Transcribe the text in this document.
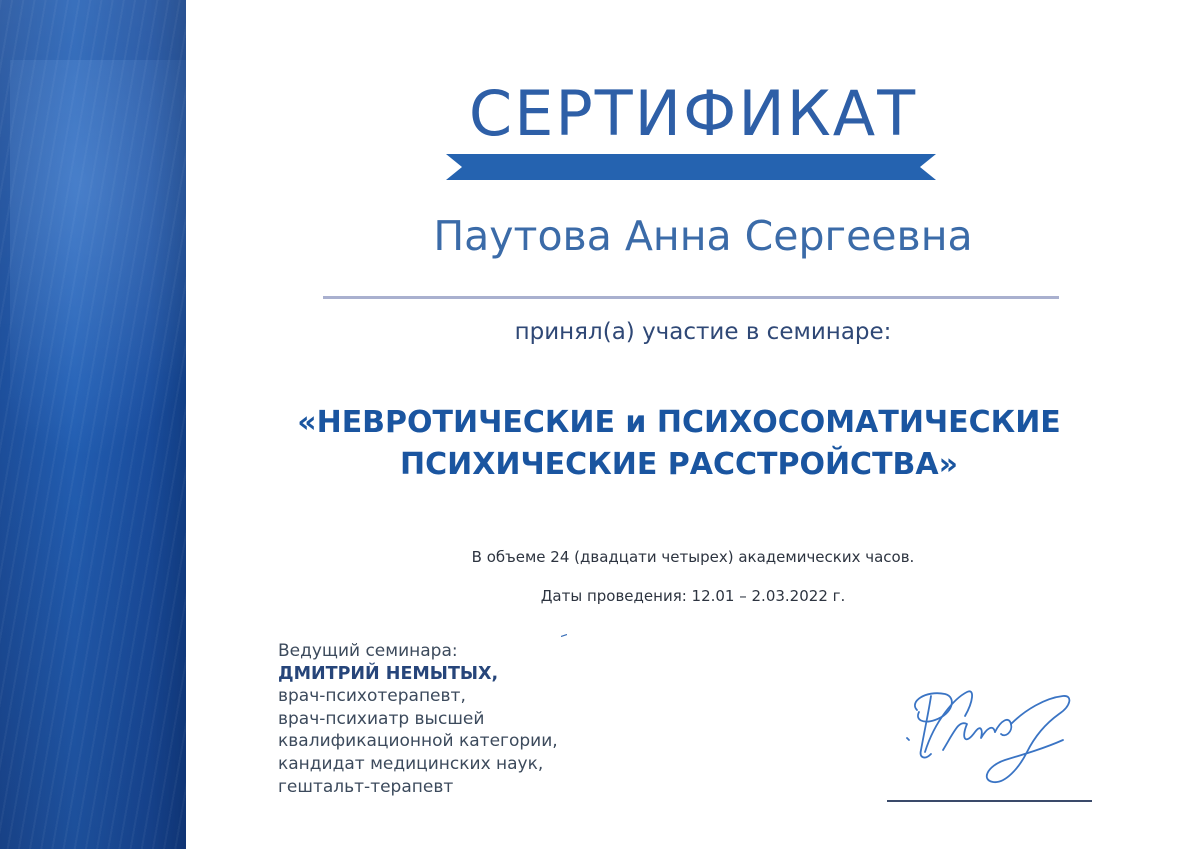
СЕРТИФИКАТ
Паутова Анна Сергеевна
принял(а) участие в семинаре:
«НЕВРОТИЧЕСКИЕ и ПСИХОСОМАТИЧЕСКИЕ
ПСИХИЧЕСКИЕ РАССТРОЙСТВА»
В объеме 24 (двадцати четырех) академических часов.
Даты проведения: 12.01 – 2.03.2022 г.
Ведущий семинара:
ДМИТРИЙ НЕМЫТЫХ,
врач-психотерапевт,
врач-психиатр высшей
квалификационной категории,
кандидат медицинских наук,
гештальт-терапевт
